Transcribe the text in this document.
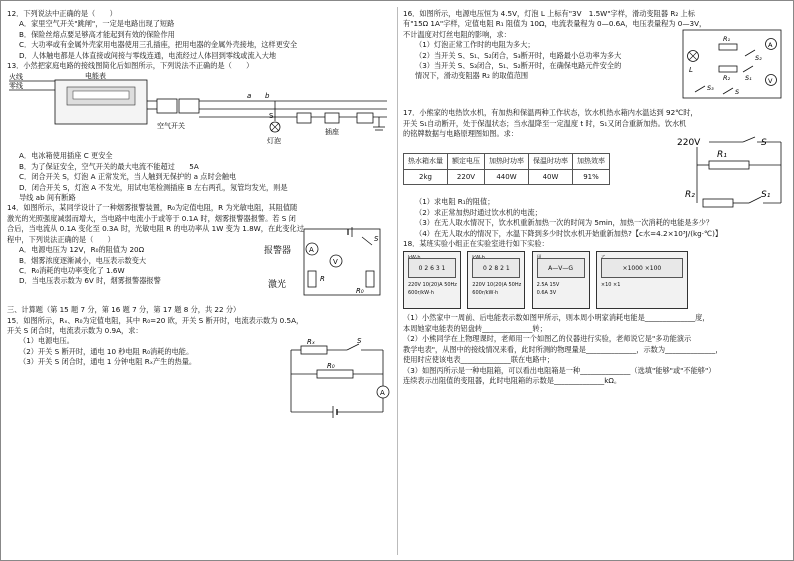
12．下列说法中正确的是（　　）
A．家里空气开关"跳闸"，一定是电路出现了短路
B．保险丝熔点要足够高才能起到有效的保险作用
C．大功率或有金属外壳家用电器使用三孔插座，把用电器的金属外壳接地，这样更安全
D．人体触电都是人体直接或间接与零线连通，电流经过人体回到零线或流入大地
13．小然把家庭电路的接线图简化后如图所示，下列说法不正确的是（　　）
火线
零线
电能表
空气开关
a b
S
灯泡
插座
A．电冰箱使用插座 C 更安全
B．为了保证安全，空气开关的最大电流不能超过　　5A
C．闭合开关 S，灯泡 A 正常发光，当人触到无保护的 a 点时会触电
D．闭合开关 S，灯泡 A 不发光，用试电笔检测插座 B 左右两孔，氖管均发光，则是
导线 ab 间有断路
14．如图所示，某同学设计了一种烟雾报警装置，R₀为定值电阻，R 为光敏电阻，其阻值随
激光的光照强度减弱而增大，当电路中电流小于或等于 0.1A 时，烟雾报警器报警。若 S 闭
合后，当电流从 0.1A 变化至 0.3A 时，光敏电阻 R 的电功率从 1W 变为 1.8W，在此变化过
程中，下列说法正确的是（　　）
A．电源电压为 12V，R₀的阻值为 20Ω
B．烟雾浓度逐渐减小，电压表示数变大
C．R₀消耗的电功率变化了 1.6W
D．当电压表示数为 6V 时，烟雾报警器报警
报警器
激光
A
V
R
R₀
S
三、计算题（第 15 题 7 分，第 16 题 7 分，第 17 题 8 分，共 22 分）
15．如图所示，Rₓ、R₀为定值电阻，其中 R₀=20 欧，开关 S 断开时，电流表示数为 0.5A，
开关 S 闭合时，电流表示数为 0.9A，求：
（1）电源电压。
（2）开关 S 断开时，通电 10 秒电阻 R₀消耗的电能。
（3）开关 S 闭合时，通电 1 分钟电阻 Rₓ产生的热量。
Rₓ	S
R₀
A
16．如图所示，电源电压恒为 4.5V，灯泡 L 上标有"3V　1.5W"字样，滑动变阻器 R₂ 上标
有"15Ω 1A"字样，定值电阻 R₁ 阻值为 10Ω，电流表量程为 0—0.6A，电压表量程为 0—3V，
不计温度对灯丝电阻的影响，求：
（1）灯泡正常工作时的电阻为多大；
（2）当开关 S、S₁、S₂闭合，S₃断开时，电路最小总功率为多大
（3）当开关 S、S₃闭合，S₁、S₂断开时，在确保电路元件安全的
情况下，滑动变阻器 R₂ 的取值范围
A
L
R₁
S₂
R₂ S₁	V
S₃	S
17．小熊家的电热饮水机，有加热和保温两种工作状态，饮水机热水箱内水温达到 92℃时，
开关 S₁自动断开，处于保温状态；当水温降至一定温度 t 时，S₁又闭合重新加热。饮水机
的铭牌数据与电路原理图如图。求：
热水箱水量	额定电压	加热时功率	保温时功率	加热效率
2kg	220V	440W	40W	91%
220V	S
R₁
R₂	S₁
（1）求电阻 R₁的阻值；
（2）求正常加热时通过饮水机的电流；
（3）在无人取水情况下，饮水机重新加热一次的时间为 5min，加热一次消耗的电能是多少？
（4）在无人取水的情况下，水温下降到多少时饮水机开始重新加热?【c水=4.2×10³J/(kg·℃)】
18．某班实验小组正在实验室进行如下实验：
0 2 6 3 1
220V 10(20)A 50Hz
600r/kW·h

0 2 8 2 1
220V 10(20)A 50Hz
600r/kW·h

A—V—G
2.5A 15V
0.6A 3V

×1000 ×100
×10 ×1
（1）小然家中一周前、后电能表示数如图甲所示，则本周小明家消耗电能是______________度，
本周她家电能表的铝盘转______________转；
（2）小熊同学在上物理课时，老师用一个如图乙的仪器进行实验，老师说它是"多功能演示
教学电表"，从图中的接线情况来看，此时所测的物理量是______________，示数为______________，
使用时应使该电表______________联在电路中；
（3）如图丙所示是一种电阻箱，可以看出电阻箱是一种______________（选填"能够"或"不能够"）
连续表示出阻值的变阻器，此时电阻箱的示数是______________kΩ。
